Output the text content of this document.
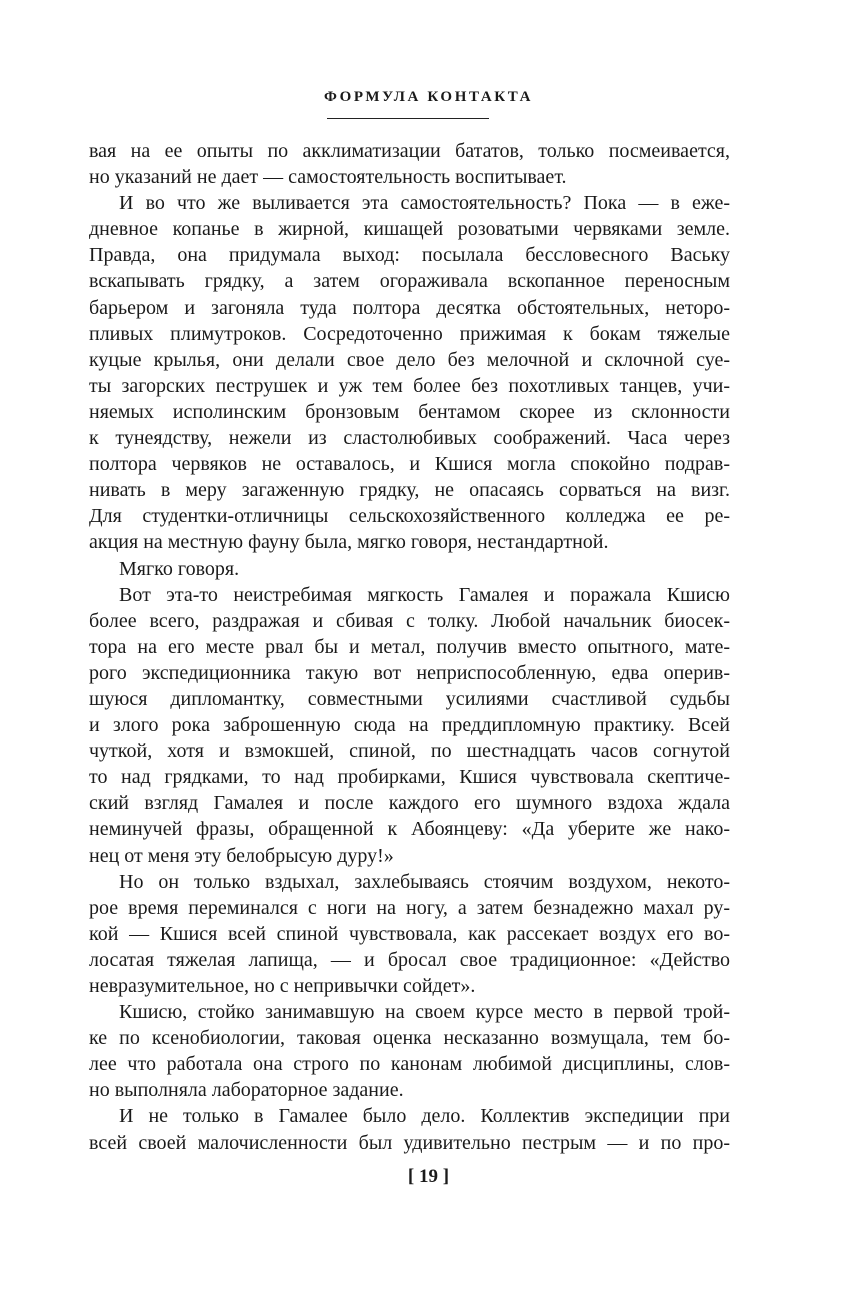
ФОРМУЛА КОНТАКТА
вая на ее опыты по акклиматизации бататов, только посмеивается,
но указаний не дает — самостоятельность воспитывает.
И во что же выливается эта самостоятельность? Пока — в еже-
дневное копанье в жирной, кишащей розоватыми червяками земле.
Правда, она придумала выход: посылала бессловесного Ваську
вскапывать грядку, а затем огораживала вскопанное переносным
барьером и загоняла туда полтора десятка обстоятельных, неторо-
пливых плимутроков. Сосредоточенно прижимая к бокам тяжелые
куцые крылья, они делали свое дело без мелочной и склочной суе-
ты загорских пеструшек и уж тем более без похотливых танцев, учи-
няемых исполинским бронзовым бентамом скорее из склонности
к тунеядству, нежели из сластолюбивых соображений. Часа через
полтора червяков не оставалось, и Кшися могла спокойно подрав-
нивать в меру загаженную грядку, не опасаясь сорваться на визг.
Для студентки-отличницы сельскохозяйственного колледжа ее ре-
акция на местную фауну была, мягко говоря, нестандартной.
Мягко говоря.
Вот эта-то неистребимая мягкость Гамалея и поражала Кшисю
более всего, раздражая и сбивая с толку. Любой начальник биосек-
тора на его месте рвал бы и метал, получив вместо опытного, мате-
рого экспедиционника такую вот неприспособленную, едва оперив-
шуюся дипломантку, совместными усилиями счастливой судьбы
и злого рока заброшенную сюда на преддипломную практику. Всей
чуткой, хотя и взмокшей, спиной, по шестнадцать часов согнутой
то над грядками, то над пробирками, Кшися чувствовала скептиче-
ский взгляд Гамалея и после каждого его шумного вздоха ждала
неминучей фразы, обращенной к Абоянцеву: «Да уберите же нако-
нец от меня эту белобрысую дуру!»
Но он только вздыхал, захлебываясь стоячим воздухом, некото-
рое время переминался с ноги на ногу, а затем безнадежно махал ру-
кой — Кшися всей спиной чувствовала, как рассекает воздух его во-
лосатая тяжелая лапища, — и бросал свое традиционное: «Действо
невразумительное, но с непривычки сойдет».
Кшисю, стойко занимавшую на своем курсе место в первой трой-
ке по ксенобиологии, таковая оценка несказанно возмущала, тем бо-
лее что работала она строго по канонам любимой дисциплины, слов-
но выполняла лабораторное задание.
И не только в Гамалее было дело. Коллектив экспедиции при
всей своей малочисленности был удивительно пестрым — и по про-
[ 19 ]
